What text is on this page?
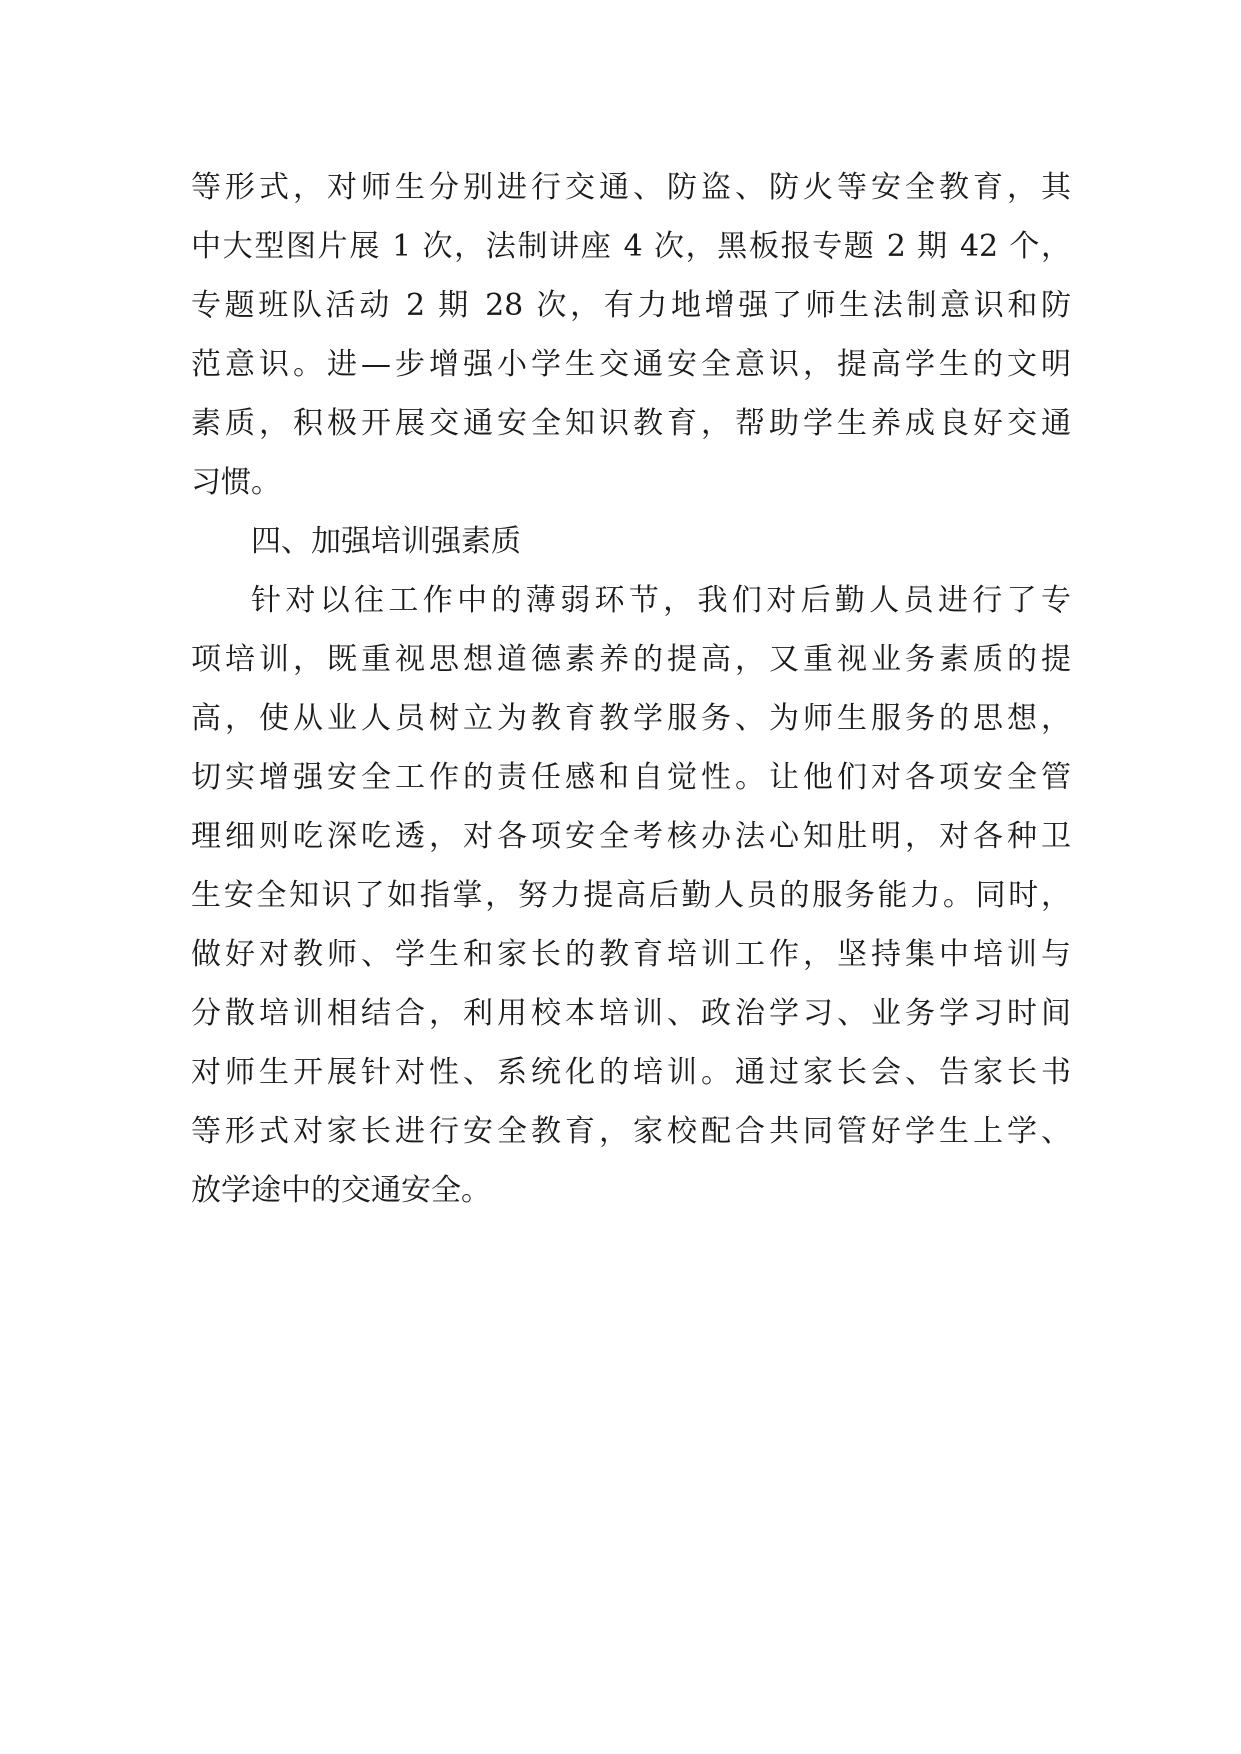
等形式，对师生分别进行交通、防盗、防火等安全教育，其
中大型图片展 1 次，法制讲座 4 次，黑板报专题 2 期 42 个，
专题班队活动 2 期 28 次，有力地增强了师生法制意识和防
范意识。进—步增强小学生交通安全意识，提高学生的文明
素质，积极开展交通安全知识教育，帮助学生养成良好交通
习惯。
四、加强培训强素质
针对以往工作中的薄弱环节，我们对后勤人员进行了专
项培训，既重视思想道德素养的提高，又重视业务素质的提
高，使从业人员树立为教育教学服务、为师生服务的思想，
切实增强安全工作的责任感和自觉性。让他们对各项安全管
理细则吃深吃透，对各项安全考核办法心知肚明，对各种卫
生安全知识了如指掌，努力提高后勤人员的服务能力。同时，
做好对教师、学生和家长的教育培训工作，坚持集中培训与
分散培训相结合，利用校本培训、政治学习、业务学习时间
对师生开展针对性、系统化的培训。通过家长会、告家长书
等形式对家长进行安全教育，家校配合共同管好学生上学、
放学途中的交通安全。
